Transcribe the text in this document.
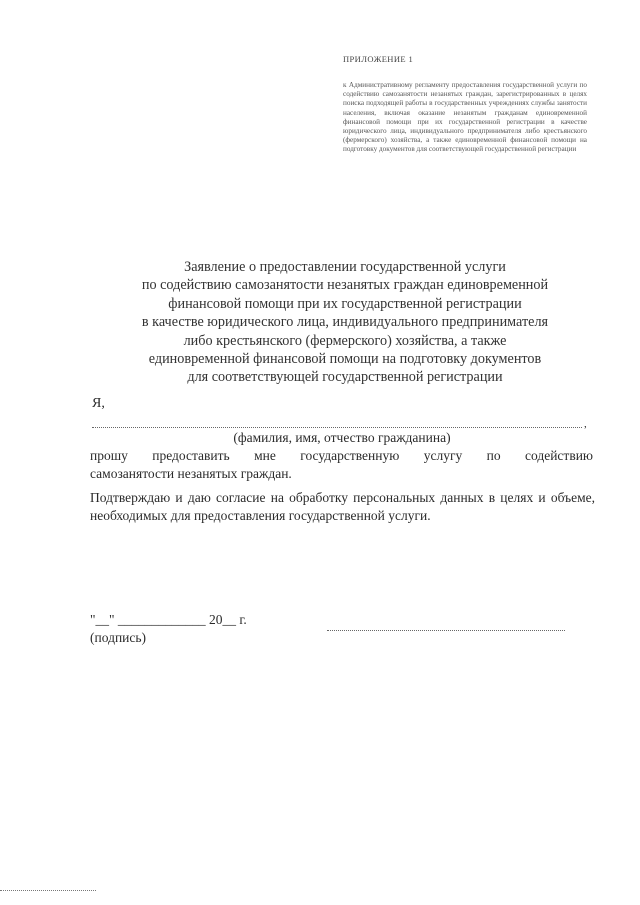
ПРИЛОЖЕНИЕ 1
к Административному регламенту предоставления государственной услуги по содействию самозанятости незанятых граждан, зарегистрированных в целях поиска подходящей работы в государственных учреждениях службы занятости населения, включая оказание незанятым гражданам единовременной финансовой помощи при их государственной регистрации в качестве юридического лица, индивидуального предпринимателя либо крестьянского (фермерского) хозяйства, а также единовременной финансовой помощи на подготовку документов для соответствующей государственной регистрации
Заявление о предоставлении государственной услуги
по содействию самозанятости незанятых граждан единовременной
финансовой помощи при их государственной регистрации
в качестве юридического лица, индивидуального предпринимателя
либо крестьянского (фермерского) хозяйства, а также
единовременной финансовой помощи на подготовку документов
для соответствующей государственной регистрации
Я,
,
(фамилия, имя, отчество гражданина)
прошу предоставить мне государственную услугу по содействию
самозанятости незанятых граждан.
Подтверждаю и даю согласие на обработку персональных данных в целях и объеме, необходимых для предоставления государственной услуги.
"__" _____________ 20__ г.
(подпись)
